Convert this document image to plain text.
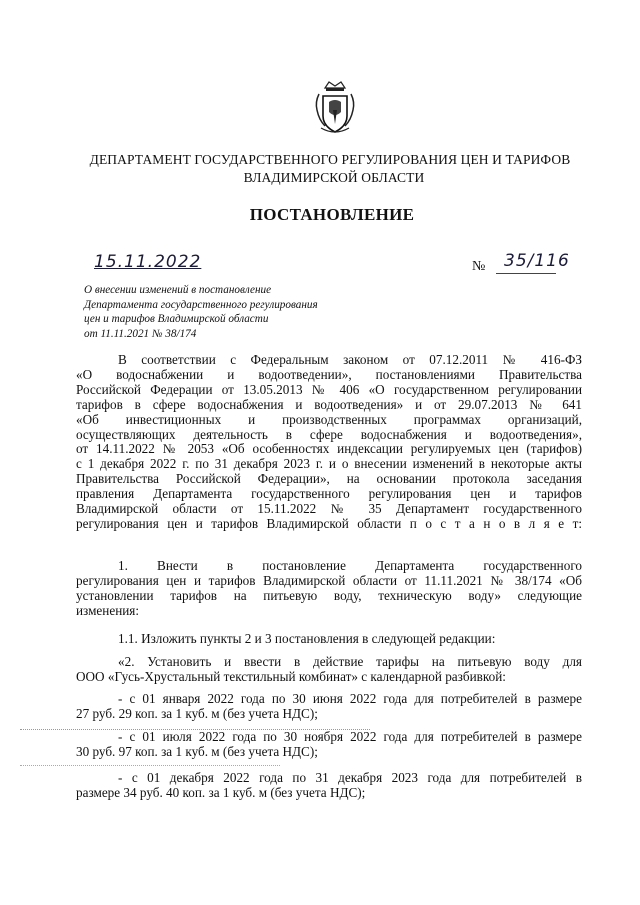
ДЕПАРТАМЕНТ ГОСУДАРСТВЕННОГО РЕГУЛИРОВАНИЯ ЦЕН И ТАРИФОВ
ВЛАДИМИРСКОЙ ОБЛАСТИ
ПОСТАНОВЛЕНИЕ
15.11.2022	№ 35/116
О внесении изменений в постановление
Департамента государственного регулирования
цен и тарифов Владимирской области
от 11.11.2021 № 38/174
В соответствии с Федеральным законом от 07.12.2011 № 416-ФЗ
«О водоснабжении и водоотведении», постановлениями Правительства
Российской Федерации от 13.05.2013 № 406 «О государственном регулировании
тарифов в сфере водоснабжения и водоотведения» и от 29.07.2013 № 641
«Об инвестиционных и производственных программах организаций,
осуществляющих деятельность в сфере водоснабжения и водоотведения»,
от 14.11.2022 № 2053 «Об особенностях индексации регулируемых цен (тарифов)
с 1 декабря 2022 г. по 31 декабря 2023 г. и о внесении изменений в некоторые акты
Правительства Российской Федерации», на основании протокола заседания
правления Департамента государственного регулирования цен и тарифов
Владимирской области от 15.11.2022 № 35 Департамент государственного
регулирования цен и тарифов Владимирской области п о с т а н о в л я е т:
1. Внести в постановление Департамента государственного
регулирования цен и тарифов Владимирской области от 11.11.2021 № 38/174 «Об
установлении тарифов на питьевую воду, техническую воду» следующие
изменения:
1.1. Изложить пункты 2 и 3 постановления в следующей редакции:
«2. Установить и ввести в действие тарифы на питьевую воду для
ООО «Гусь-Хрустальный текстильный комбинат» с календарной разбивкой:
- с 01 января 2022 года по 30 июня 2022 года для потребителей в размере
27 руб. 29 коп. за 1 куб. м (без учета НДС);
- с 01 июля 2022 года по 30 ноября 2022 года для потребителей в размере
30 руб. 97 коп. за 1 куб. м (без учета НДС);
- с 01 декабря 2022 года по 31 декабря 2023 года для потребителей в
размере 34 руб. 40 коп. за 1 куб. м (без учета НДС);
